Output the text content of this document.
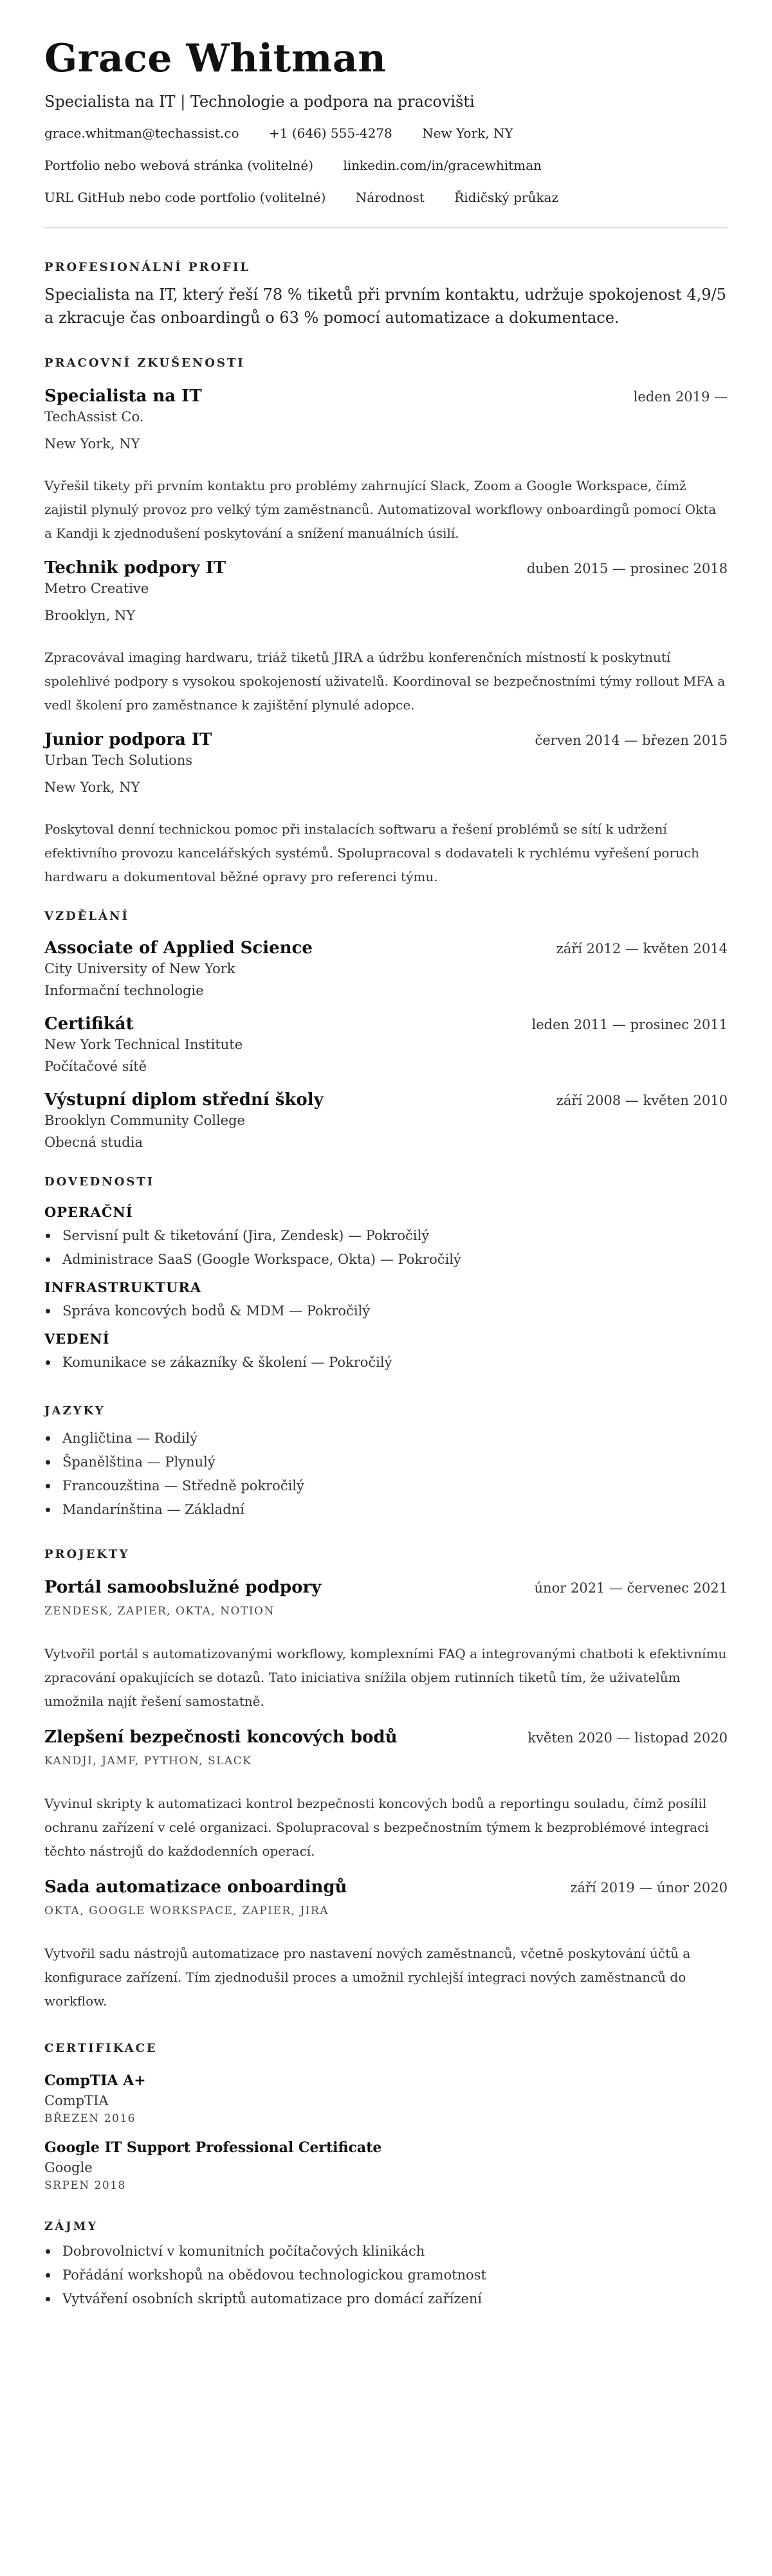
Grace Whitman
Specialista na IT | Technologie a podpora na pracovišti
grace.whitman@techassist.co +1 (646) 555-4278 New York, NY
Portfolio nebo webová stránka (volitelné) linkedin.com/in/gracewhitman
URL GitHub nebo code portfolio (volitelné) Národnost Řidičský průkaz
PROFESIONÁLNÍ PROFIL
Specialista na IT, který řeší 78 % tiketů při prvním kontaktu, udržuje spokojenost 4,9/5 a zkracuje čas onboardingů o 63 % pomocí automatizace a dokumentace.
PRACOVNÍ ZKUŠENOSTI
Specialista na IT	leden 2019 —
TechAssist Co.
New York, NY
Vyřešil tikety při prvním kontaktu pro problémy zahrnující Slack, Zoom a Google Workspace, čímž zajistil plynulý provoz pro velký tým zaměstnanců. Automatizoval workflowy onboardingů pomocí Okta a Kandji k zjednodušení poskytování a snížení manuálních úsilí.
Technik podpory IT	duben 2015 — prosinec 2018
Metro Creative
Brooklyn, NY
Zpracovával imaging hardwaru, triáž tiketů JIRA a údržbu konferenčních místností k poskytnutí spolehlivé podpory s vysokou spokojeností uživatelů. Koordinoval se bezpečnostními týmy rollout MFA a vedl školení pro zaměstnance k zajištění plynulé adopce.
Junior podpora IT	červen 2014 — březen 2015
Urban Tech Solutions
New York, NY
Poskytoval denní technickou pomoc při instalacích softwaru a řešení problémů se sítí k udržení efektivního provozu kancelářských systémů. Spolupracoval s dodavateli k rychlému vyřešení poruch hardwaru a dokumentoval běžné opravy pro referenci týmu.
VZDĚLÁNÍ
Associate of Applied Science	září 2012 — květen 2014
City University of New York
Informační technologie
Certifikát	leden 2011 — prosinec 2011
New York Technical Institute
Počítačové sítě
Výstupní diplom střední školy	září 2008 — květen 2010
Brooklyn Community College
Obecná studia
DOVEDNOSTI
OPERAČNÍ
Servisní pult & tiketování (Jira, Zendesk) — Pokročilý
Administrace SaaS (Google Workspace, Okta) — Pokročilý
INFRASTRUKTURA
Správa koncových bodů & MDM — Pokročilý
VEDENÍ
Komunikace se zákazníky & školení — Pokročilý
JAZYKY
Angličtina — Rodilý
Španělština — Plynulý
Francouzština — Středně pokročilý
Mandarínština — Základní
PROJEKTY
Portál samoobslužné podpory	únor 2021 — červenec 2021
ZENDESK, ZAPIER, OKTA, NOTION
Vytvořil portál s automatizovanými workflowy, komplexními FAQ a integrovanými chatboti k efektivnímu zpracování opakujících se dotazů. Tato iniciativa snížila objem rutinních tiketů tím, že uživatelům umožnila najít řešení samostatně.
Zlepšení bezpečnosti koncových bodů	květen 2020 — listopad 2020
KANDJI, JAMF, PYTHON, SLACK
Vyvinul skripty k automatizaci kontrol bezpečnosti koncových bodů a reportingu souladu, čímž posílil ochranu zařízení v celé organizaci. Spolupracoval s bezpečnostním týmem k bezproblémové integraci těchto nástrojů do každodenních operací.
Sada automatizace onboardingů	září 2019 — únor 2020
OKTA, GOOGLE WORKSPACE, ZAPIER, JIRA
Vytvořil sadu nástrojů automatizace pro nastavení nových zaměstnanců, včetně poskytování účtů a konfigurace zařízení. Tím zjednodušil proces a umožnil rychlejší integraci nových zaměstnanců do workflow.
CERTIFIKACE
CompTIA A+
CompTIA
BŘEZEN 2016
Google IT Support Professional Certificate
Google
SRPEN 2018
ZÁJMY
Dobrovolnictví v komunitních počítačových klinikách
Pořádání workshopů na obědovou technologickou gramotnost
Vytváření osobních skriptů automatizace pro domácí zařízení
